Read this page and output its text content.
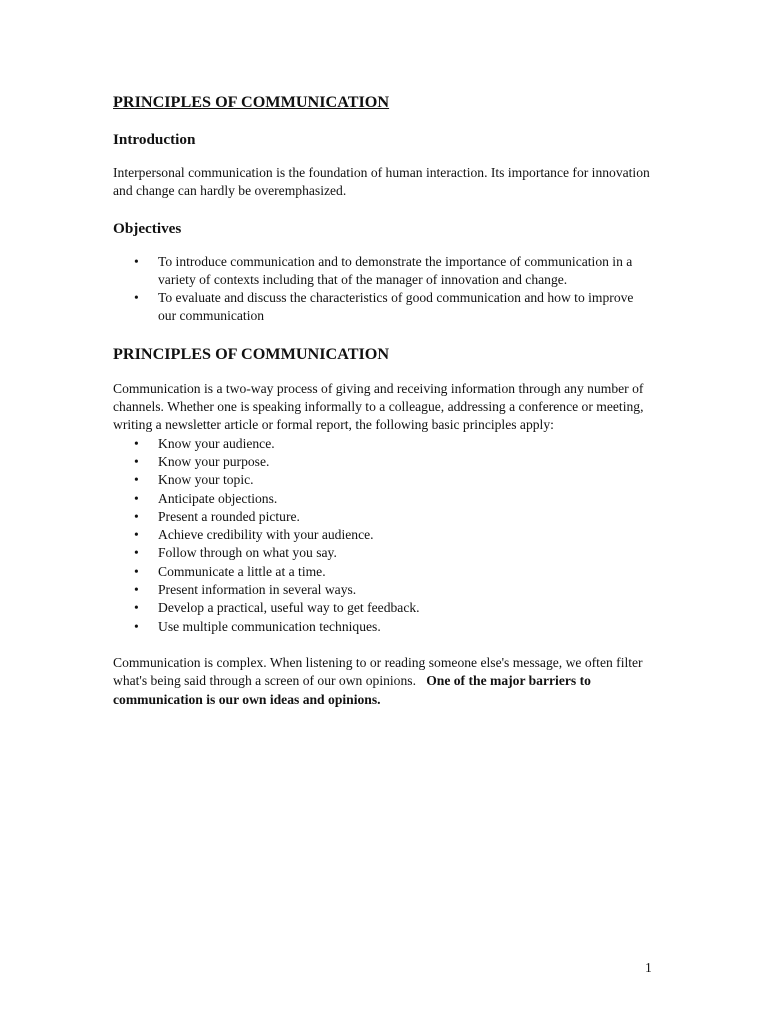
PRINCIPLES OF COMMUNICATION
Introduction

Interpersonal communication is the foundation of human interaction. Its importance for innovation and change can hardly be overemphasized.

Objectives
• To introduce communication and to demonstrate the importance of communication in a variety of contexts including that of the manager of innovation and change.
• To evaluate and discuss the characteristics of good communication and how to improve our communication
PRINCIPLES OF COMMUNICATION

Communication is a two-way process of giving and receiving information through any number of channels. Whether one is speaking informally to a colleague, addressing a conference or meeting, writing a newsletter article or formal report, the following basic principles apply:

• Know your audience.
• Know your purpose.
• Know your topic.
• Anticipate objections.
• Present a rounded picture.
• Achieve credibility with your audience.
• Follow through on what you say.
• Communicate a little at a time.
• Present information in several ways.
• Develop a practical, useful way to get feedback.
• Use multiple communication techniques.

Communication is complex. When listening to or reading someone else's message, we often filter what's being said through a screen of our own opinions. One of the major barriers to communication is our own ideas and opinions.

1
